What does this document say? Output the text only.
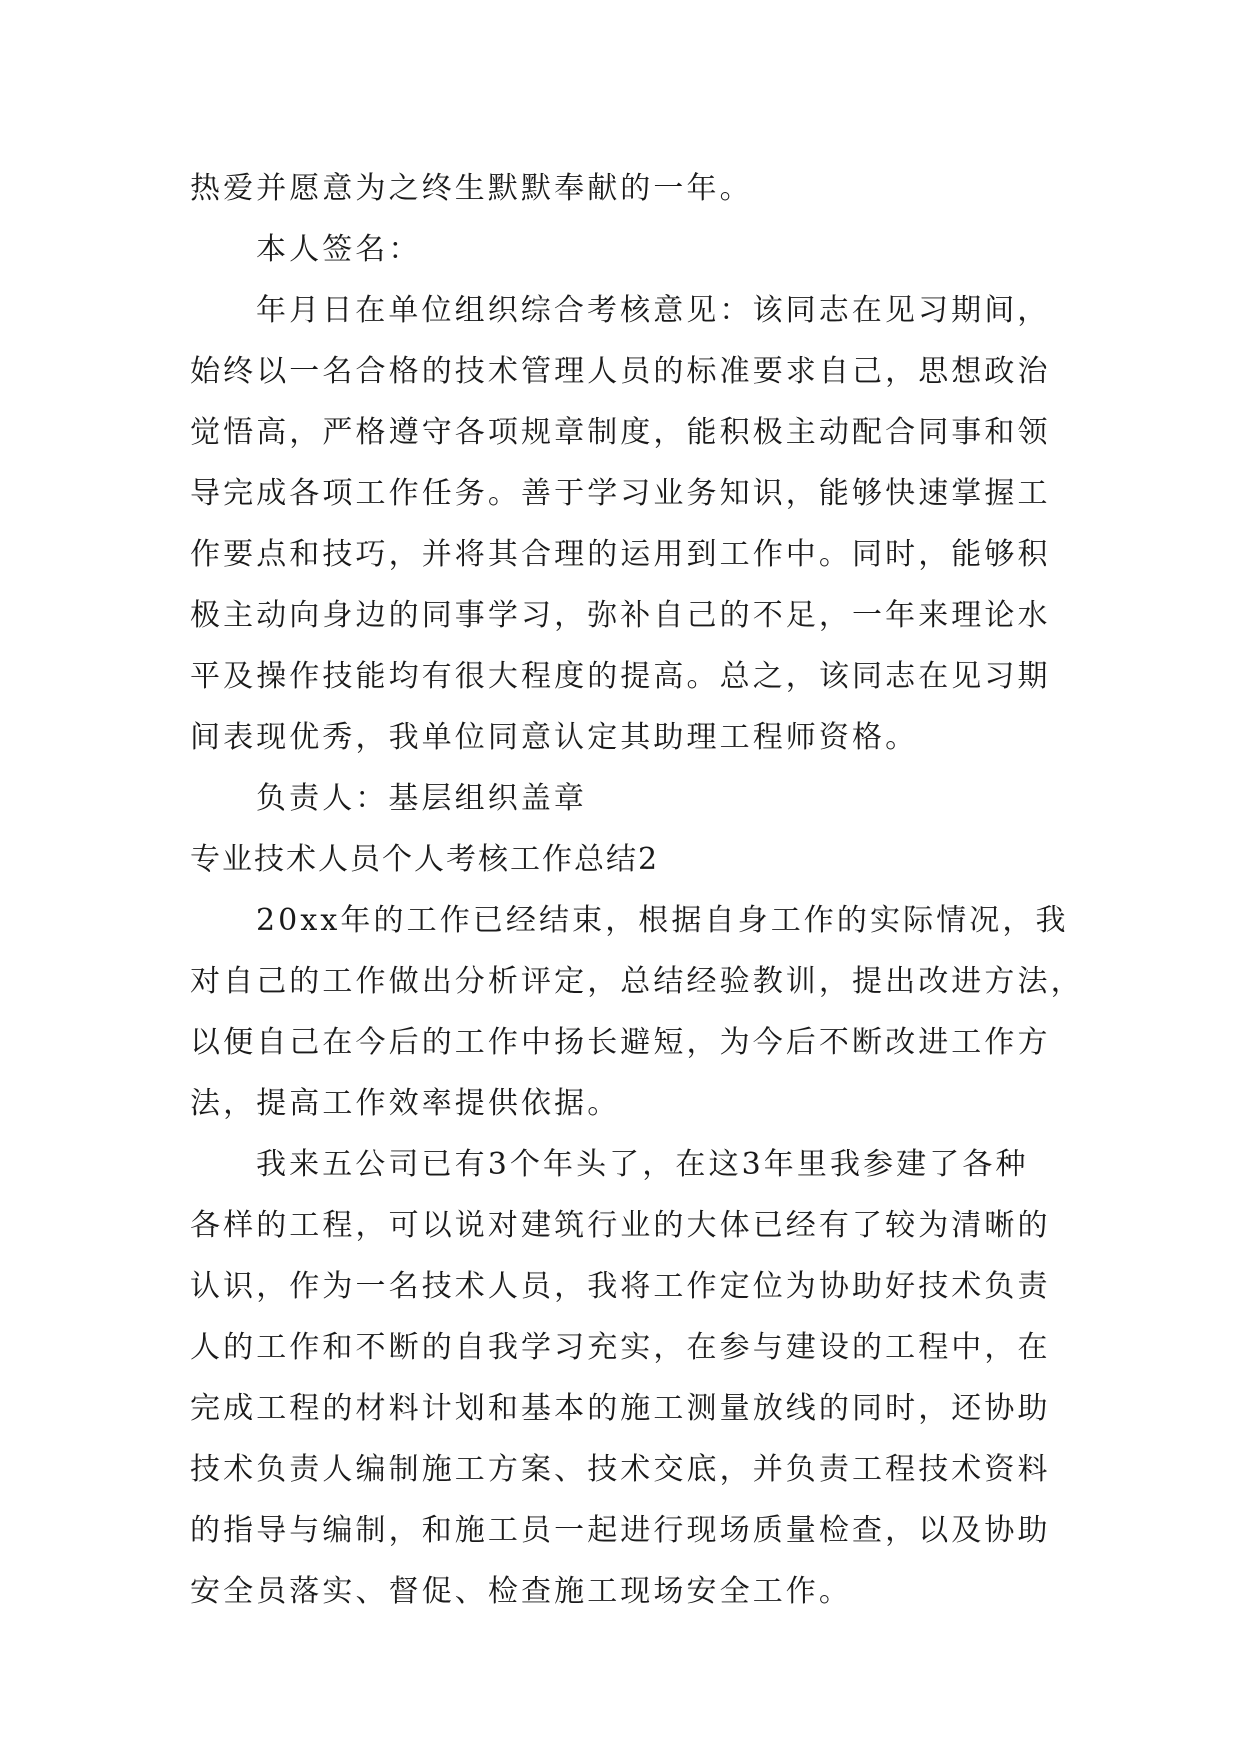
热爱并愿意为之终生默默奉献的一年。
本人签名：
年月日在单位组织综合考核意见：该同志在见习期间，
始终以一名合格的技术管理人员的标准要求自己，思想政治
觉悟高，严格遵守各项规章制度，能积极主动配合同事和领
导完成各项工作任务。善于学习业务知识，能够快速掌握工
作要点和技巧，并将其合理的运用到工作中。同时，能够积
极主动向身边的同事学习，弥补自己的不足，一年来理论水
平及操作技能均有很大程度的提高。总之，该同志在见习期
间表现优秀，我单位同意认定其助理工程师资格。
负责人：基层组织盖章
专业技术人员个人考核工作总结2
20xx年的工作已经结束，根据自身工作的实际情况，我
对自己的工作做出分析评定，总结经验教训，提出改进方法，
以便自己在今后的工作中扬长避短，为今后不断改进工作方
法，提高工作效率提供依据。
我来五公司已有3个年头了，在这3年里我参建了各种
各样的工程，可以说对建筑行业的大体已经有了较为清晰的
认识，作为一名技术人员，我将工作定位为协助好技术负责
人的工作和不断的自我学习充实，在参与建设的工程中，在
完成工程的材料计划和基本的施工测量放线的同时，还协助
技术负责人编制施工方案、技术交底，并负责工程技术资料
的指导与编制，和施工员一起进行现场质量检查，以及协助
安全员落实、督促、检查施工现场安全工作。
